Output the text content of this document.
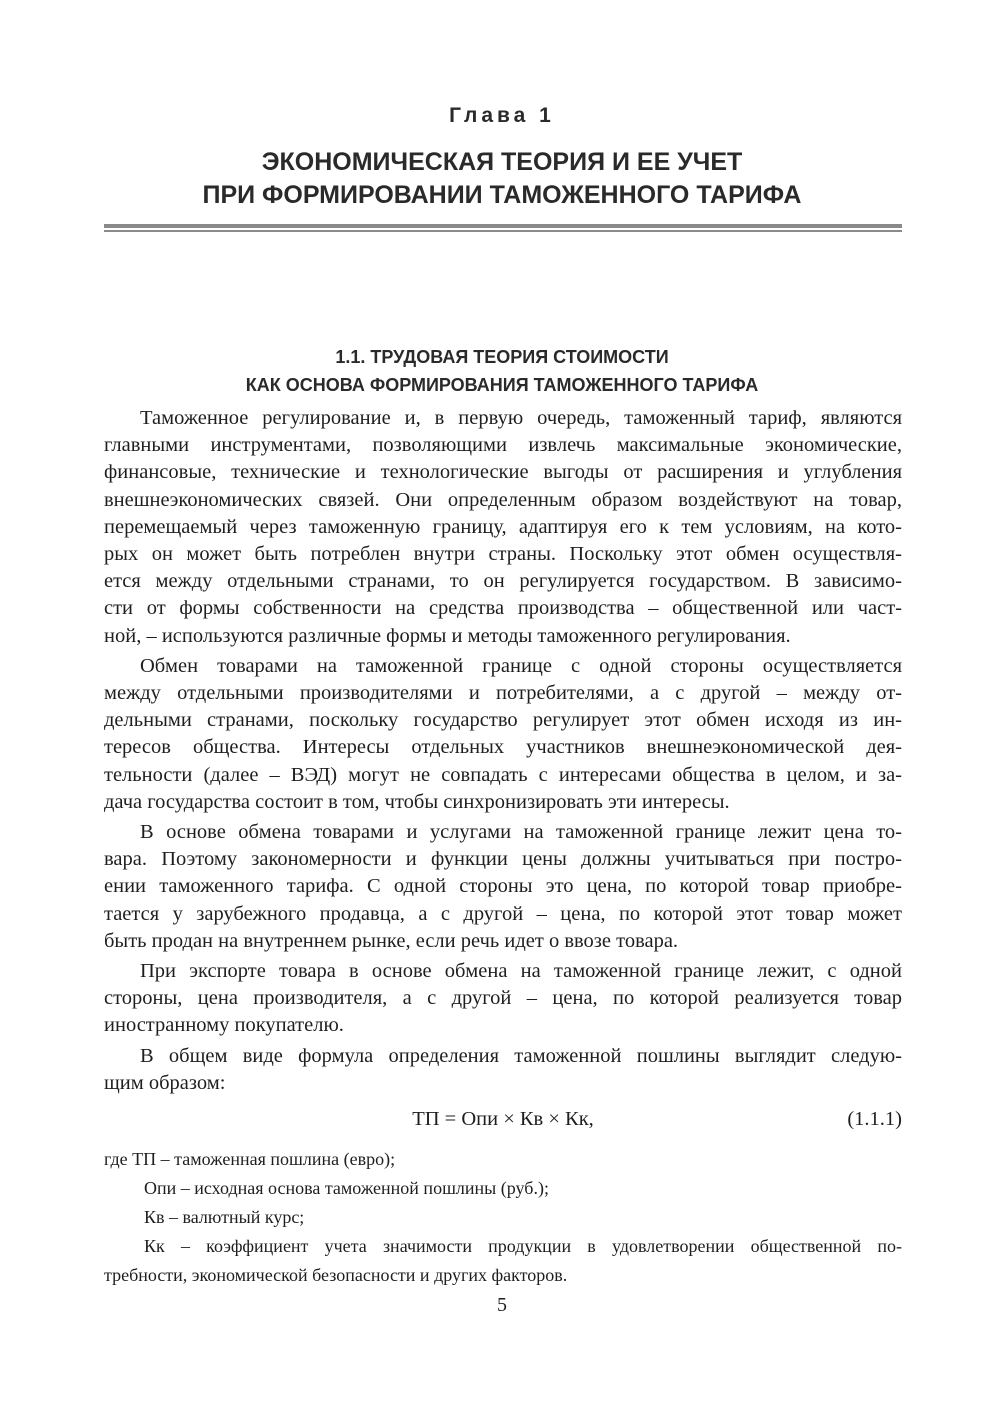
Глава 1
ЭКОНОМИЧЕСКАЯ ТЕОРИЯ И ЕЕ УЧЕТ
ПРИ ФОРМИРОВАНИИ ТАМОЖЕННОГО ТАРИФА
1.1. ТРУДОВАЯ ТЕОРИЯ СТОИМОСТИ
КАК ОСНОВА ФОРМИРОВАНИЯ ТАМОЖЕННОГО ТАРИФА
Таможенное регулирование и, в первую очередь, таможенный тариф, являются
главными инструментами, позволяющими извлечь максимальные экономические,
финансовые, технические и технологические выгоды от расширения и углубления
внешнеэкономических связей. Они определенным образом воздействуют на товар,
перемещаемый через таможенную границу, адаптируя его к тем условиям, на кото-
рых он может быть потреблен внутри страны. Поскольку этот обмен осуществля-
ется между отдельными странами, то он регулируется государством. В зависимо-
сти от формы собственности на средства производства – общественной или част-
ной, – используются различные формы и методы таможенного регулирования.
Обмен товарами на таможенной границе с одной стороны осуществляется
между отдельными производителями и потребителями, а с другой – между от-
дельными странами, поскольку государство регулирует этот обмен исходя из ин-
тересов общества. Интересы отдельных участников внешнеэкономической дея-
тельности (далее – ВЭД) могут не совпадать с интересами общества в целом, и за-
дача государства состоит в том, чтобы синхронизировать эти интересы.
В основе обмена товарами и услугами на таможенной границе лежит цена то-
вара. Поэтому закономерности и функции цены должны учитываться при постро-
ении таможенного тарифа. С одной стороны это цена, по которой товар приобре-
тается у зарубежного продавца, а с другой – цена, по которой этот товар может
быть продан на внутреннем рынке, если речь идет о ввозе товара.
При экспорте товара в основе обмена на таможенной границе лежит, с одной
стороны, цена производителя, а с другой – цена, по которой реализуется товар
иностранному покупателю.
В общем виде формула определения таможенной пошлины выглядит следую-
щим образом:
ТП = Опи × Кв × Кк,	(1.1.1)
где ТП – таможенная пошлина (евро);
Опи – исходная основа таможенной пошлины (руб.);
Кв – валютный курс;
Кк – коэффициент учета значимости продукции в удовлетворении общественной по-
требности, экономической безопасности и других факторов.
5
